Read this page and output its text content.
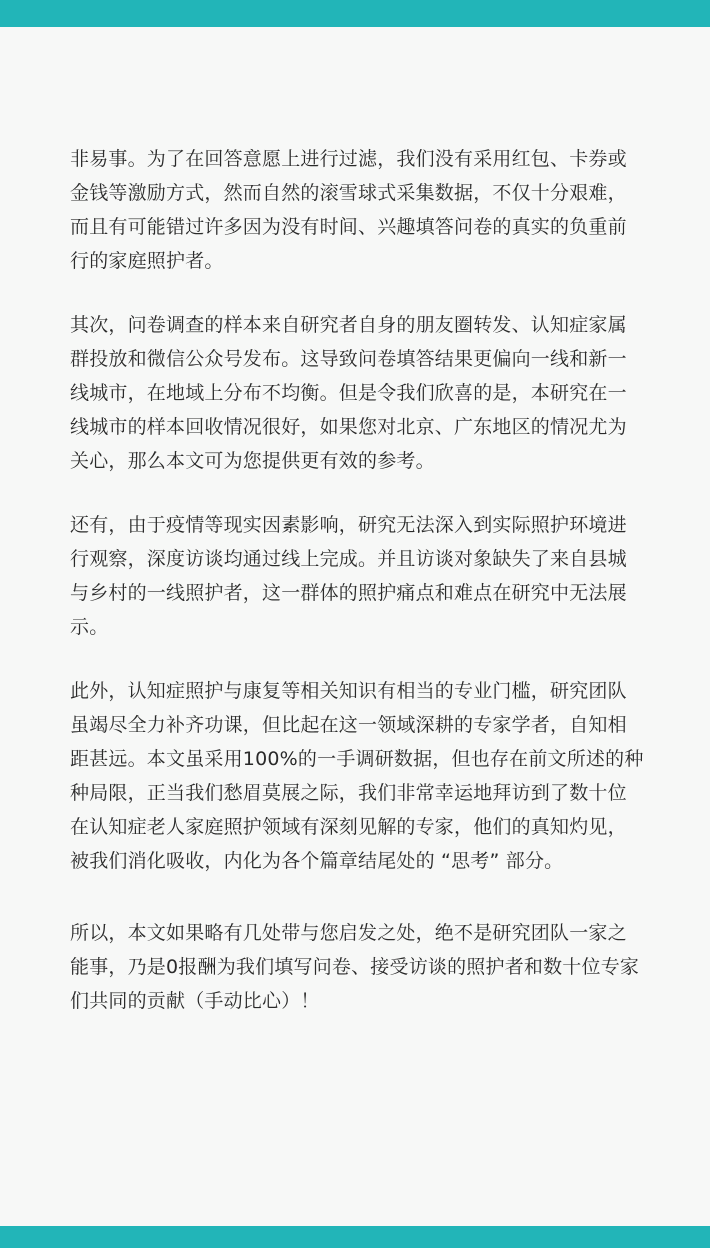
非易事。为了在回答意愿上进行过滤，我们没有采用红包、卡券或金钱等激励方式，然而自然的滚雪球式采集数据，不仅十分艰难，而且有可能错过许多因为没有时间、兴趣填答问卷的真实的负重前行的家庭照护者。

其次，问卷调查的样本来自研究者自身的朋友圈转发、认知症家属群投放和微信公众号发布。这导致问卷填答结果更偏向一线和新一线城市，在地域上分布不均衡。但是令我们欣喜的是，本研究在一线城市的样本回收情况很好，如果您对北京、广东地区的情况尤为关心，那么本文可为您提供更有效的参考。

还有，由于疫情等现实因素影响，研究无法深入到实际照护环境进行观察，深度访谈均通过线上完成。并且访谈对象缺失了来自县城与乡村的一线照护者，这一群体的照护痛点和难点在研究中无法展示。

此外，认知症照护与康复等相关知识有相当的专业门槛，研究团队虽竭尽全力补齐功课，但比起在这一领域深耕的专家学者，自知相距甚远。本文虽采用100%的一手调研数据，但也存在前文所述的种种局限，正当我们愁眉莫展之际，我们非常幸运地拜访到了数十位在认知症老人家庭照护领域有深刻见解的专家，他们的真知灼见，被我们消化吸收，内化为各个篇章结尾处的 “思考” 部分。

所以，本文如果略有几处带与您启发之处，绝不是研究团队一家之能事，乃是0报酬为我们填写问卷、接受访谈的照护者和数十位专家们共同的贡献（手动比心）！
